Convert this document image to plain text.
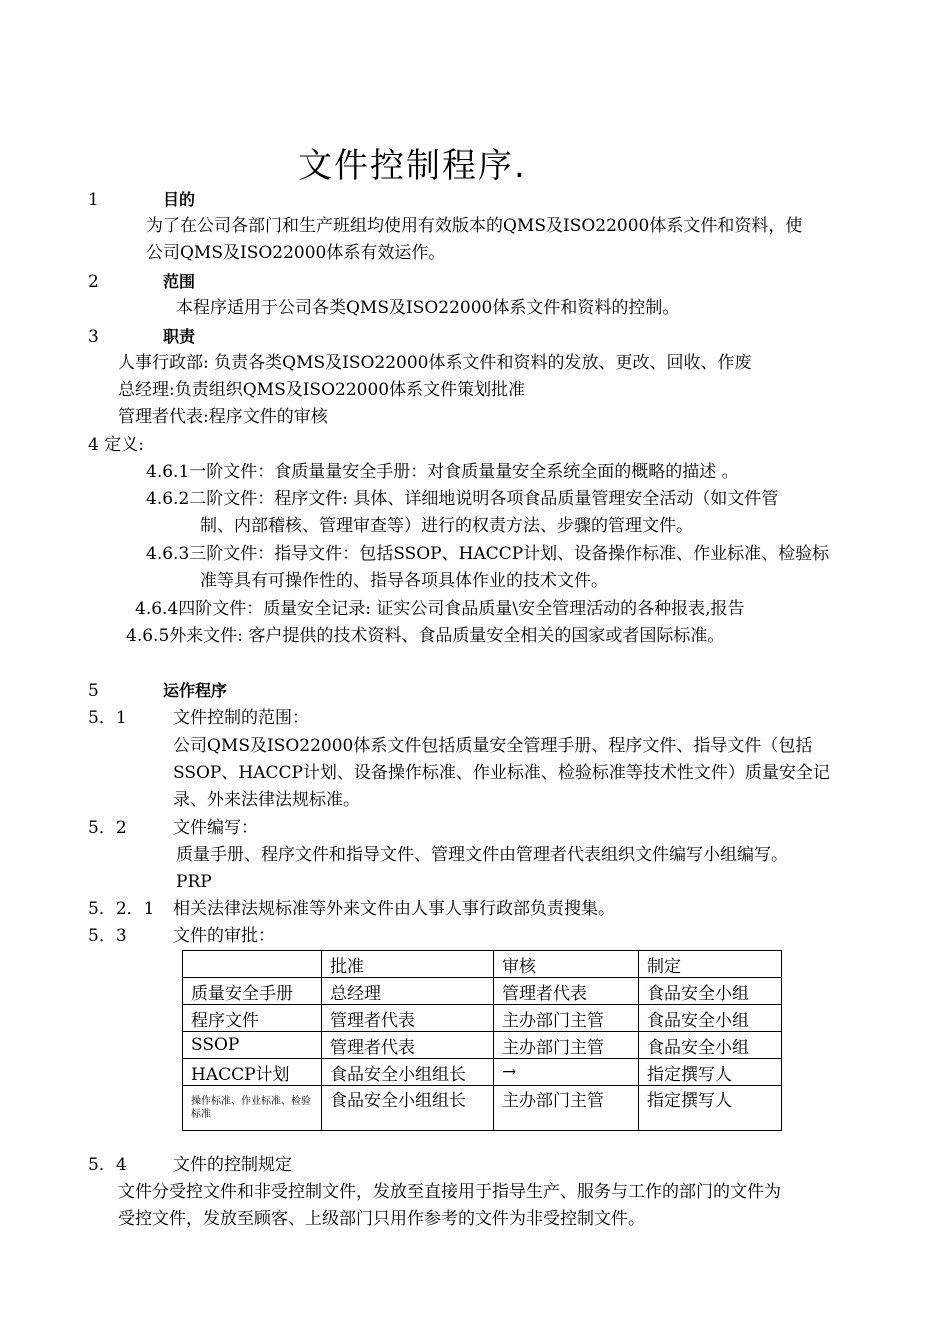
文件控制程序.
1	目的
为了在公司各部门和生产班组均使用有效版本的QMS及ISO22000体系文件和资料，使
公司QMS及ISO22000体系有效运作。
2	范围
本程序适用于公司各类QMS及ISO22000体系文件和资料的控制。
3	职责
人事行政部: 负责各类QMS及ISO22000体系文件和资料的发放、更改、回收、作废
总经理:负责组织QMS及ISO22000体系文件策划批准
管理者代表:程序文件的审核
4 定义:
4.6.1一阶文件：食质量量安全手册：对食质量量安全系统全面的概略的描述 。
4.6.2二阶文件：程序文件: 具体、详细地说明各项食品质量管理安全活动（如文件管
制、内部稽核、管理审查等）进行的权责方法、步骤的管理文件。
4.6.3三阶文件：指导文件：包括SSOP、HACCP计划、设备操作标准、作业标准、检验标
准等具有可操作性的、指导各项具体作业的技术文件。
4.6.4四阶文件：质量安全记录: 证实公司食品质量\安全管理活动的各种报表,报告
4.6.5外来文件: 客户提供的技术资料、食品质量安全相关的国家或者国际标准。
5	运作程序
5．1	文件控制的范围：
公司QMS及ISO22000体系文件包括质量安全管理手册、程序文件、指导文件（包括
SSOP、HACCP计划、设备操作标准、作业标准、检验标准等技术性文件）质量安全记
录、外来法律法规标准。
5．2	文件编写：
质量手册、程序文件和指导文件、管理文件由管理者代表组织文件编写小组编写。
PRP
5．2．1 相关法律法规标准等外来文件由人事人事行政部负责搜集。
5．3	文件的审批：
	批准	审核	制定
质量安全手册	总经理	管理者代表	食品安全小组
程序文件	管理者代表	主办部门主管	食品安全小组
SSOP	管理者代表	主办部门主管	食品安全小组
HACCP计划	食品安全小组组长	→	指定撰写人
操作标准、作业标准、检验标准	食品安全小组组长	主办部门主管	指定撰写人
5．4	文件的控制规定
文件分受控文件和非受控制文件，发放至直接用于指导生产、服务与工作的部门的文件为
受控文件，发放至顾客、上级部门只用作参考的文件为非受控制文件。
